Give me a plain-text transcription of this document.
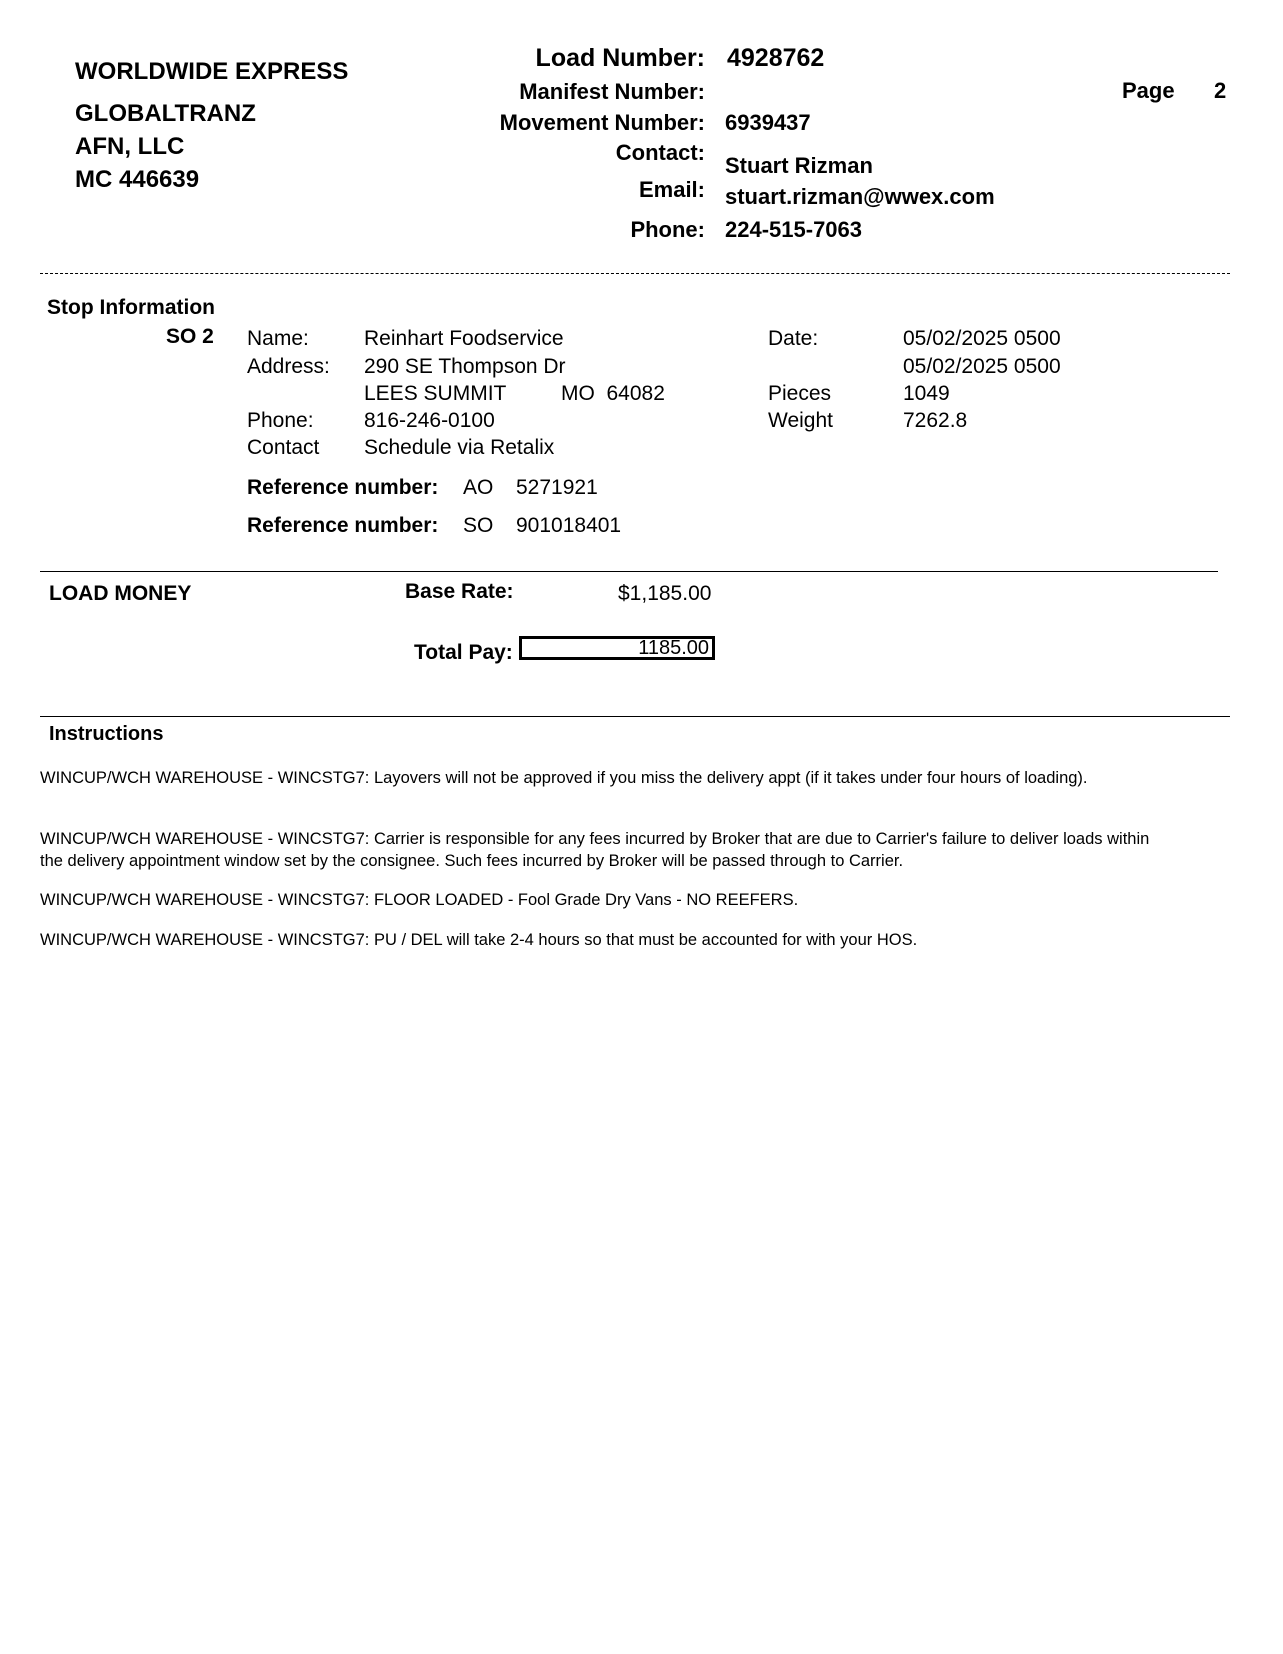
WORLDWIDE EXPRESS
GLOBALTRANZ
AFN, LLC
MC 446639
Load Number: 4928762
Manifest Number:
Movement Number: 6939437
Contact:
Stuart Rizman
Email: stuart.rizman@wwex.com
Phone: 224-515-7063
Page 2
Stop Information
SO 2 Name:	Reinhart Foodservice
Address: 290 SE Thompson Dr
LEES SUMMIT	MO  64082
Phone: 816-246-0100
Contact Schedule via Retalix
Date:	05/02/2025 0500
05/02/2025 0500
Pieces	1049
Weight	7262.8
Reference number: AO 5271921
Reference number: SO 901018401
LOAD MONEY	Base Rate:	$1,185.00
Total Pay:	1185.00
Instructions
WINCUP/WCH WAREHOUSE - WINCSTG7: Layovers will not be approved if you miss the delivery appt (if it takes under four hours of loading).
WINCUP/WCH WAREHOUSE - WINCSTG7: Carrier is responsible for any fees incurred by Broker that are due to Carrier's failure to deliver loads within the delivery appointment window set by the consignee. Such fees incurred by Broker will be passed through to Carrier.
WINCUP/WCH WAREHOUSE - WINCSTG7: FLOOR LOADED - Fool Grade Dry Vans - NO REEFERS.
WINCUP/WCH WAREHOUSE - WINCSTG7: PU / DEL will take 2-4 hours so that must be accounted for with your HOS.
